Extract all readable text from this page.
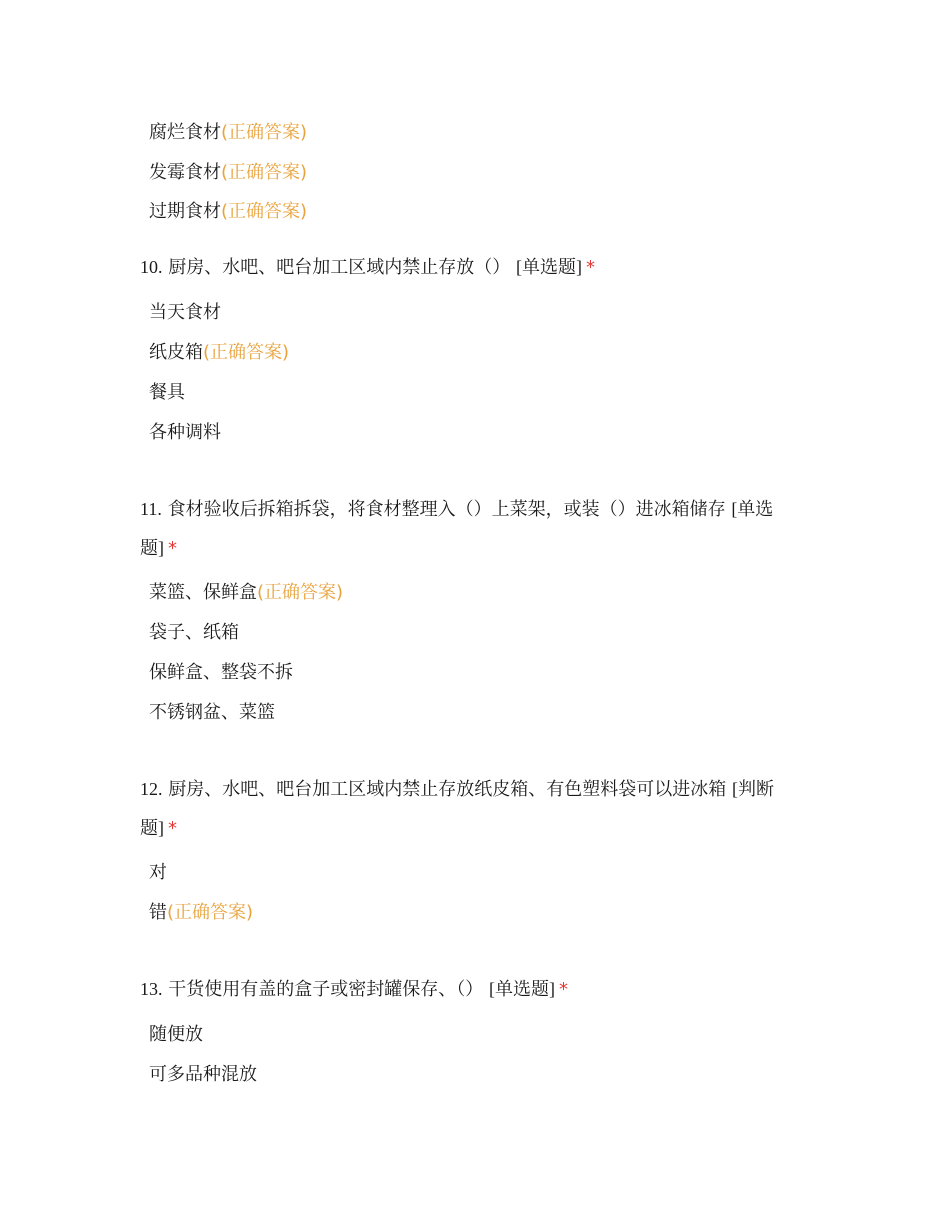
腐烂食材(正确答案)
发霉食材(正确答案)
过期食材(正确答案)
10. 厨房、水吧、吧台加工区域内禁止存放（） [单选题] *
当天食材
纸皮箱(正确答案)
餐具
各种调料
11. 食材验收后拆箱拆袋，将食材整理入（）上菜架，或装（）进冰箱储存 [单选题] *
菜篮、保鲜盒(正确答案)
袋子、纸箱
保鲜盒、整袋不拆
不锈钢盆、菜篮
12. 厨房、水吧、吧台加工区域内禁止存放纸皮箱、有色塑料袋可以进冰箱 [判断题] *
对
错(正确答案)
13. 干货使用有盖的盒子或密封罐保存、（） [单选题] *
随便放
可多品种混放
